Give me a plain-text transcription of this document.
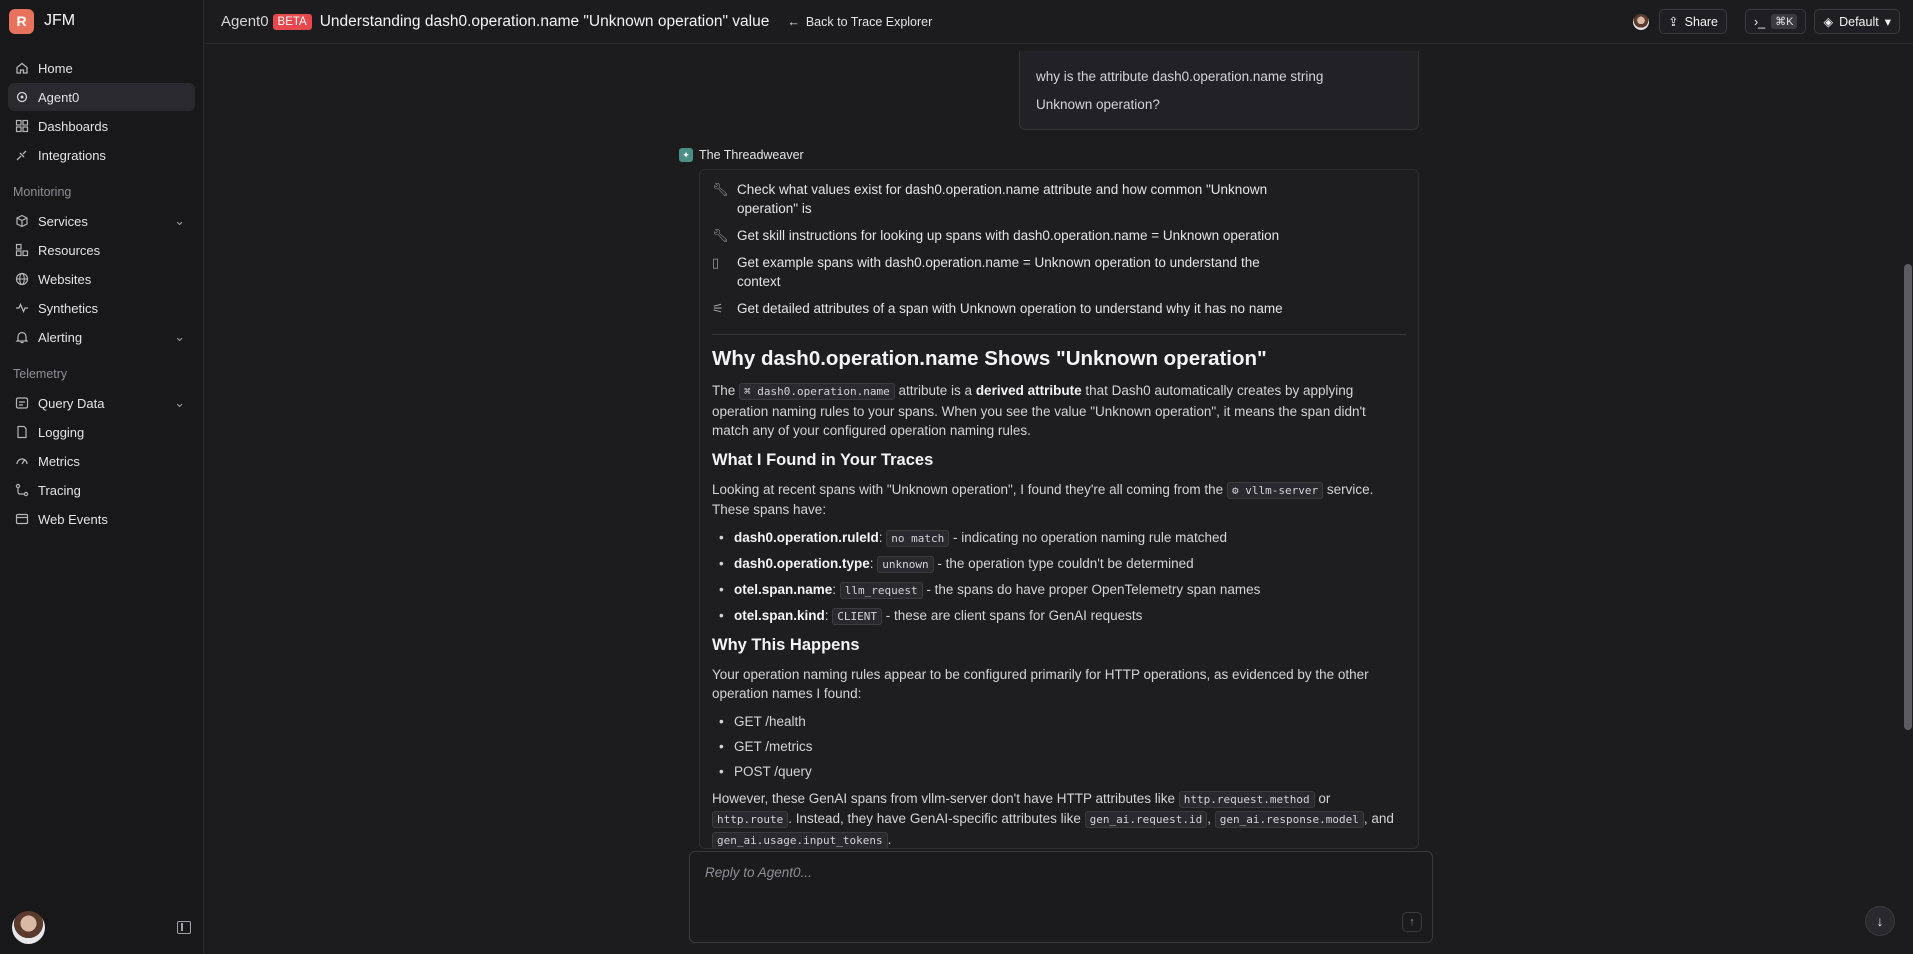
R	JFM
Home
Agent0
Dashboards
Integrations
Monitoring
Services	⌄
Resources
Websites
Synthetics
Alerting	⌄
Telemetry
Query Data	⌄
Logging
Metrics
Tracing
Web Events
Agent0 BETA Understanding dash0.operation.name "Unknown operation" value ← Back to Trace Explorer	⇪ Share	›_ ⌘K	◈ Default ▾
why is the attribute dash0.operation.name string
Unknown operation?
✦ The Threadweaver
🔧︎ Check what values exist for dash0.operation.name attribute and how common "Unknown operation" is
🔧︎ Get skill instructions for looking up spans with dash0.operation.name = Unknown operation
▯	Get example spans with dash0.operation.name = Unknown operation to understand the context
⚟ Get detailed attributes of a span with Unknown operation to understand why it has no name
Why dash0.operation.name Shows "Unknown operation"

The ⌘ dash0.operation.name attribute is a derived attribute that Dash0 automatically creates by applying operation naming rules to your spans. When you see the value "Unknown operation", it means the span didn't match any of your configured operation naming rules.

What I Found in Your Traces

Looking at recent spans with "Unknown operation", I found they're all coming from the ⚙ vllm-server service. These spans have:

• dash0.operation.ruleId: no match - indicating no operation naming rule matched
• dash0.operation.type: unknown - the operation type couldn't be determined
• otel.span.name: llm_request - the spans do have proper OpenTelemetry span names
• otel.span.kind: CLIENT - these are client spans for GenAI requests
Why This Happens

Your operation naming rules appear to be configured primarily for HTTP operations, as evidenced by the other operation names I found:

• GET /health
• GET /metrics
• POST /query

However, these GenAI spans from vllm-server don't have HTTP attributes like http.request.method or http.route . Instead, they have GenAI-specific attributes like gen_ai.request.id , gen_ai.response.model , and gen_ai.usage.input_tokens .

Reply to Agent0...
↑	↓
